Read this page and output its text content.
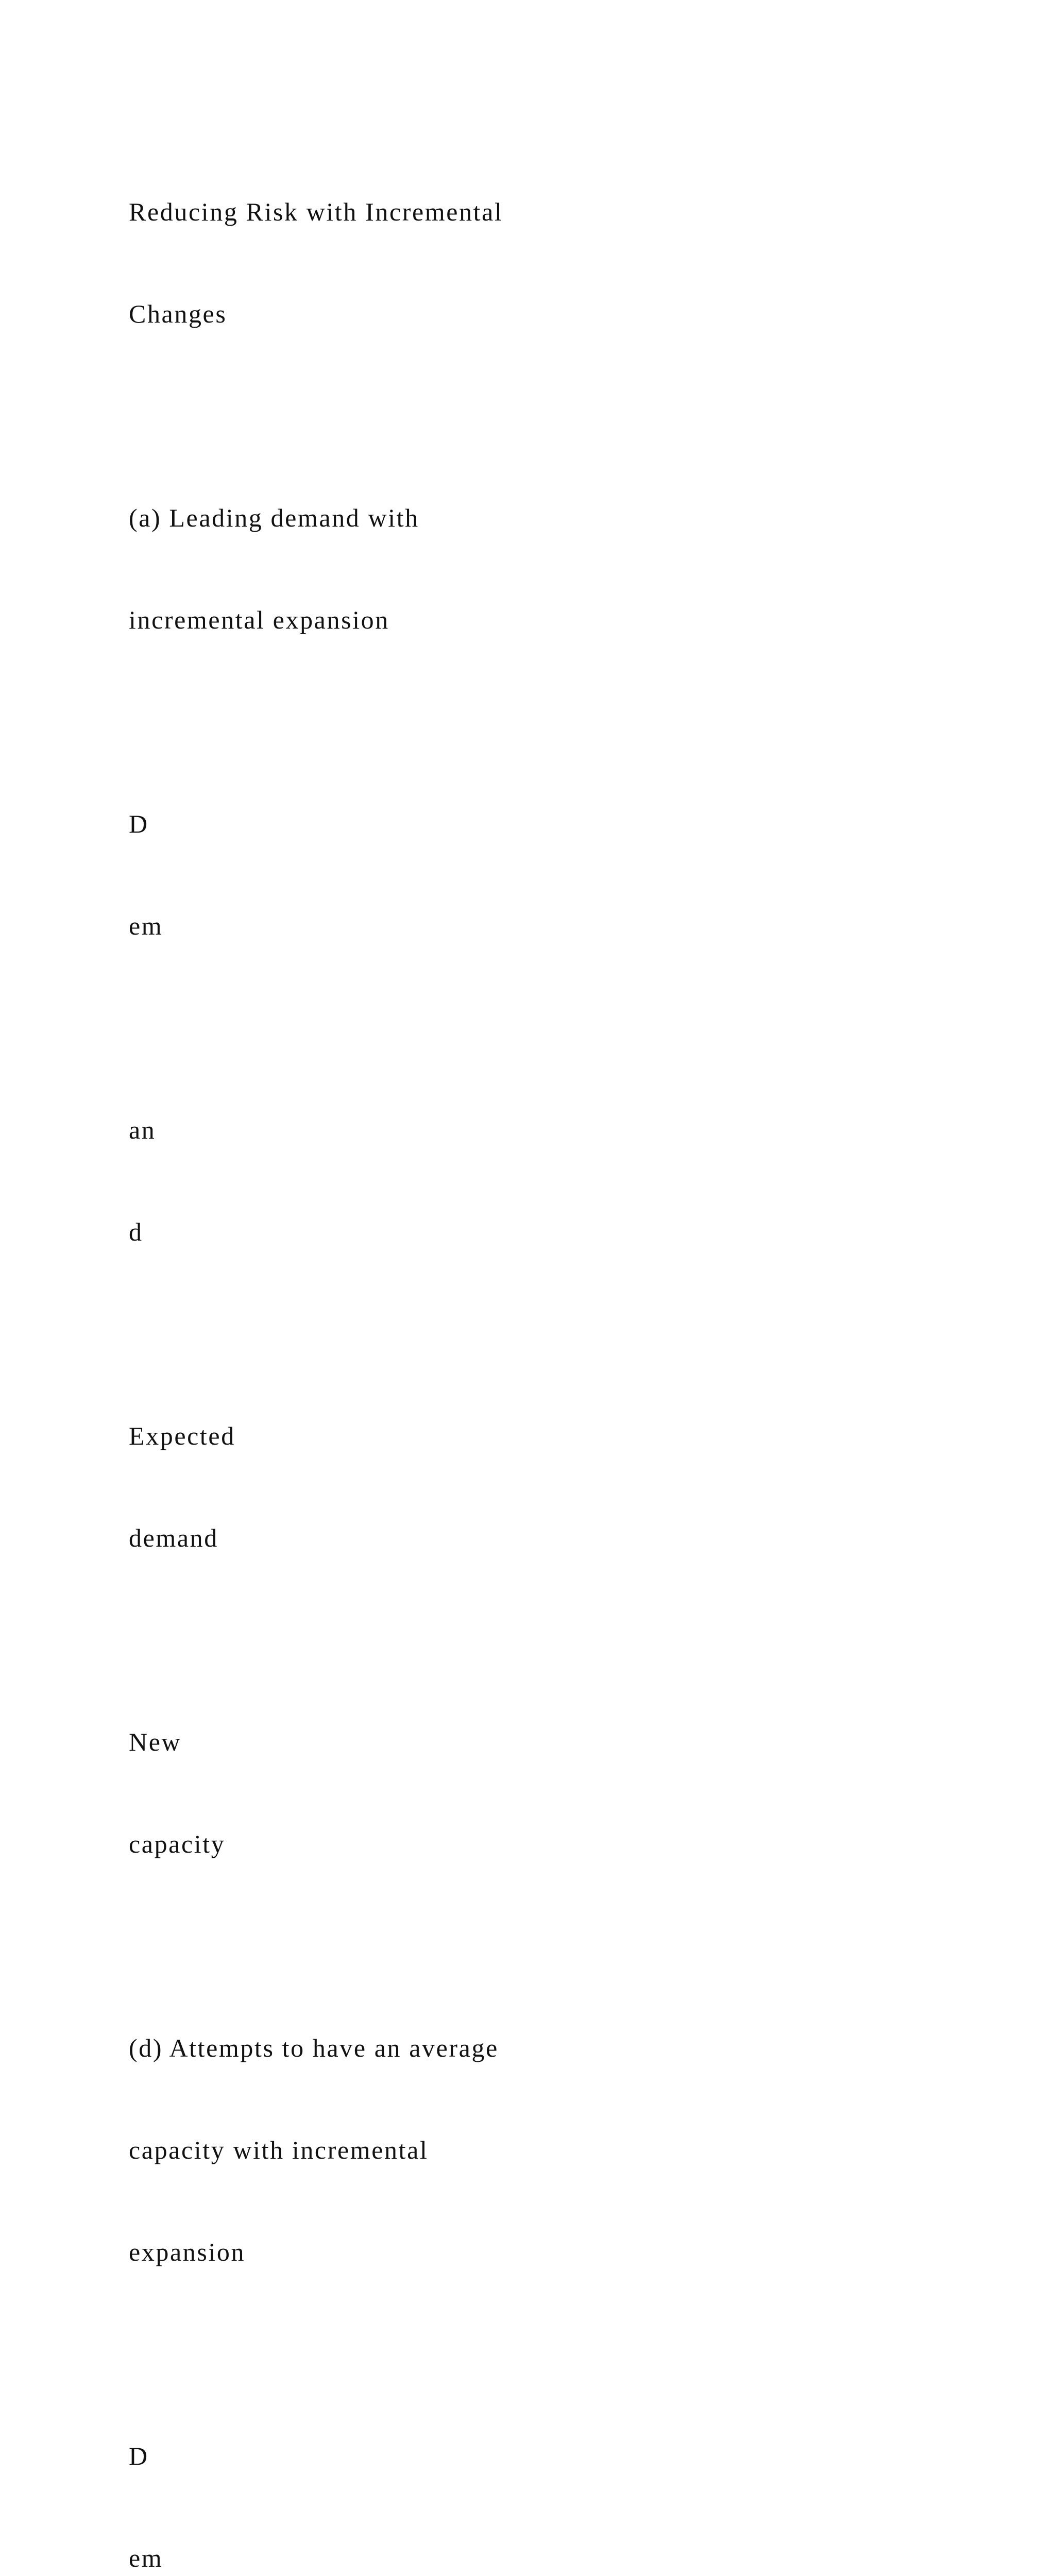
Reducing Risk with Incremental

Changes

(a) Leading demand with

incremental expansion

D

em

an

d

Expected

demand

New

capacity

(d) Attempts to have an average

capacity with incremental

expansion

D

em
